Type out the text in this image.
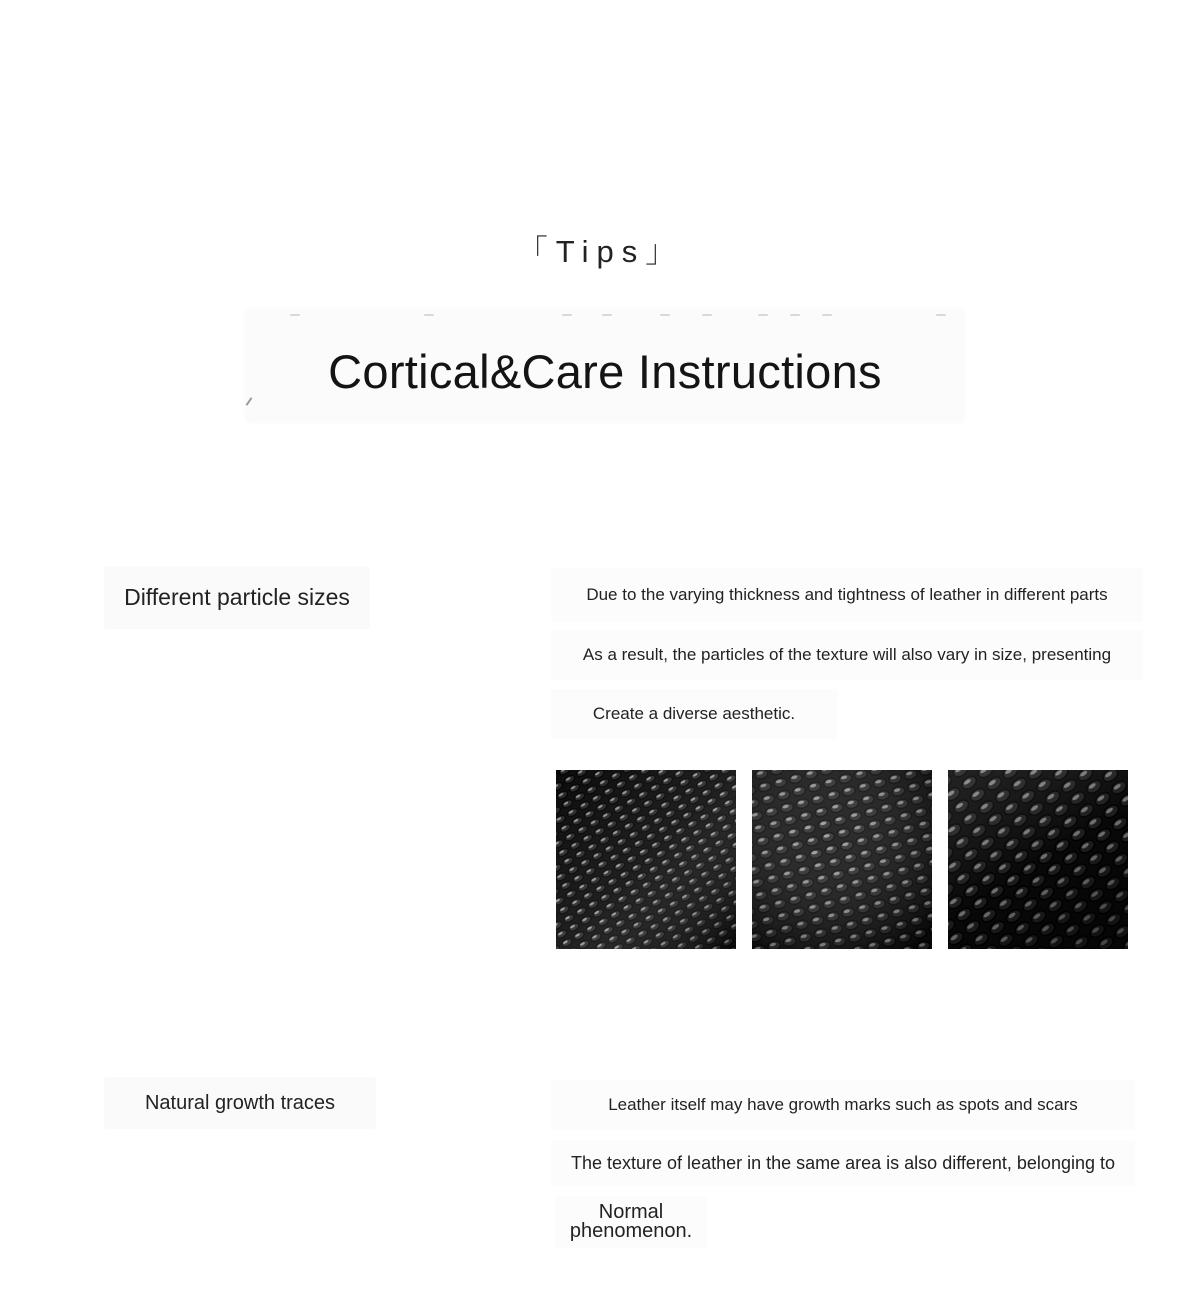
「Tips」
Cortical&Care Instructions
Different particle sizes	Due to the varying thickness and tightness of leather in different parts
As a result, the particles of the texture will also vary in size, presenting
Create a diverse aesthetic.
Natural growth traces	Leather itself may have growth marks such as spots and scars
The texture of leather in the same area is also different, belonging to
Normal phenomenon.
